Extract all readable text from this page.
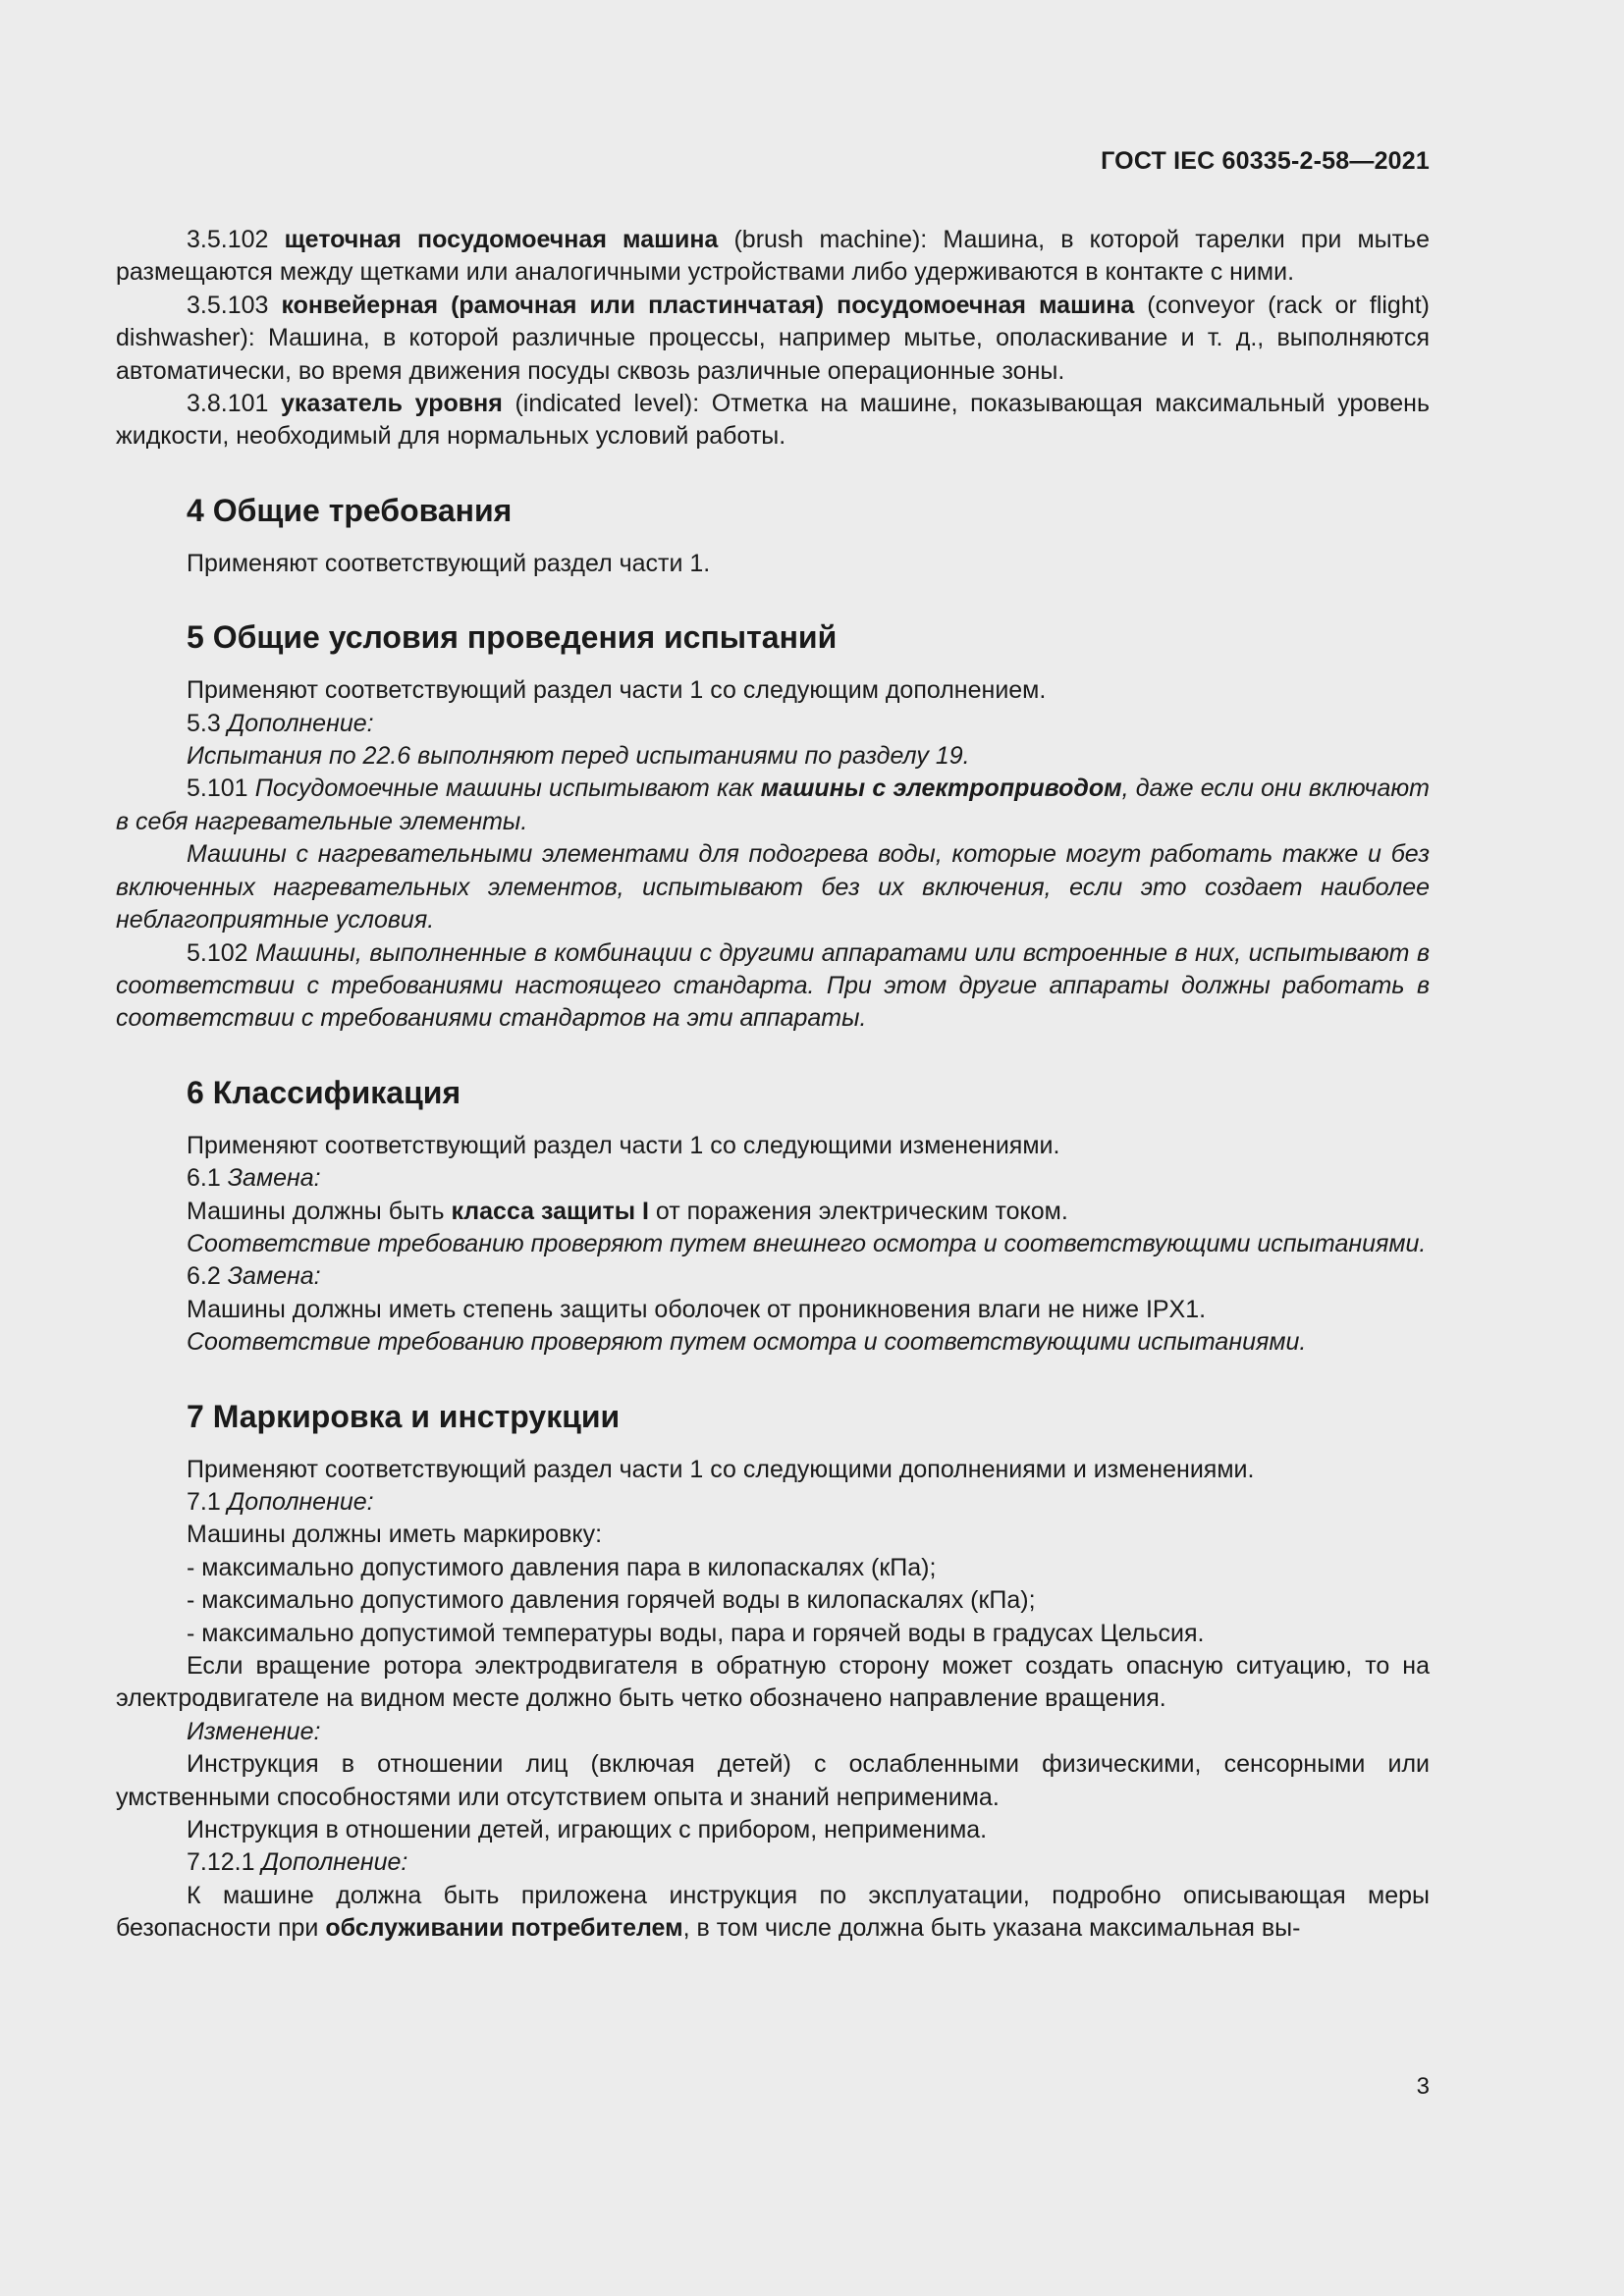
ГОСТ IEC 60335-2-58—2021

3.5.102 щеточная посудомоечная машина (brush machine): Машина, в которой тарелки при мытье размещаются между щетками или аналогичными устройствами либо удерживаются в контакте с ними.

3.5.103 конвейерная (рамочная или пластинчатая) посудомоечная машина (conveyor (rack or flight) dishwasher): Машина, в которой различные процессы, например мытье, ополаскивание и т. д., выполняются автоматически, во время движения посуды сквозь различные операционные зоны.

3.8.101 указатель уровня (indicated level): Отметка на машине, показывающая максимальный уровень жидкости, необходимый для нормальных условий работы.

4 Общие требования

Применяют соответствующий раздел части 1.

5 Общие условия проведения испытаний

Применяют соответствующий раздел части 1 со следующим дополнением.

5.3 Дополнение:

Испытания по 22.6 выполняют перед испытаниями по разделу 19.

5.101 Посудомоечные машины испытывают как машины с электроприводом, даже если они включают в себя нагревательные элементы.

Машины с нагревательными элементами для подогрева воды, которые могут работать также и без включенных нагревательных элементов, испытывают без их включения, если это создает наиболее неблагоприятные условия.

5.102 Машины, выполненные в комбинации с другими аппаратами или встроенные в них, испытывают в соответствии с требованиями настоящего стандарта. При этом другие аппараты должны работать в соответствии с требованиями стандартов на эти аппараты.

6 Классификация

Применяют соответствующий раздел части 1 со следующими изменениями.

6.1 Замена:

Машины должны быть класса защиты I от поражения электрическим током.

Соответствие требованию проверяют путем внешнего осмотра и соответствующими испытаниями.

6.2 Замена:

Машины должны иметь степень защиты оболочек от проникновения влаги не ниже IPX1.

Соответствие требованию проверяют путем осмотра и соответствующими испытаниями.

7 Маркировка и инструкции

Применяют соответствующий раздел части 1 со следующими дополнениями и изменениями.

7.1 Дополнение:

Машины должны иметь маркировку:

- максимально допустимого давления пара в килопаскалях (кПа);

- максимально допустимого давления горячей воды в килопаскалях (кПа);

- максимально допустимой температуры воды, пара и горячей воды в градусах Цельсия.

Если вращение ротора электродвигателя в обратную сторону может создать опасную ситуацию, то на электродвигателе на видном месте должно быть четко обозначено направление вращения.

Изменение:

Инструкция в отношении лиц (включая детей) с ослабленными физическими, сенсорными или умственными способностями или отсутствием опыта и знаний неприменима.

Инструкция в отношении детей, играющих с прибором, неприменима.

7.12.1 Дополнение:

К машине должна быть приложена инструкция по эксплуатации, подробно описывающая меры безопасности при обслуживании потребителем, в том числе должна быть указана максимальная вы-

3
